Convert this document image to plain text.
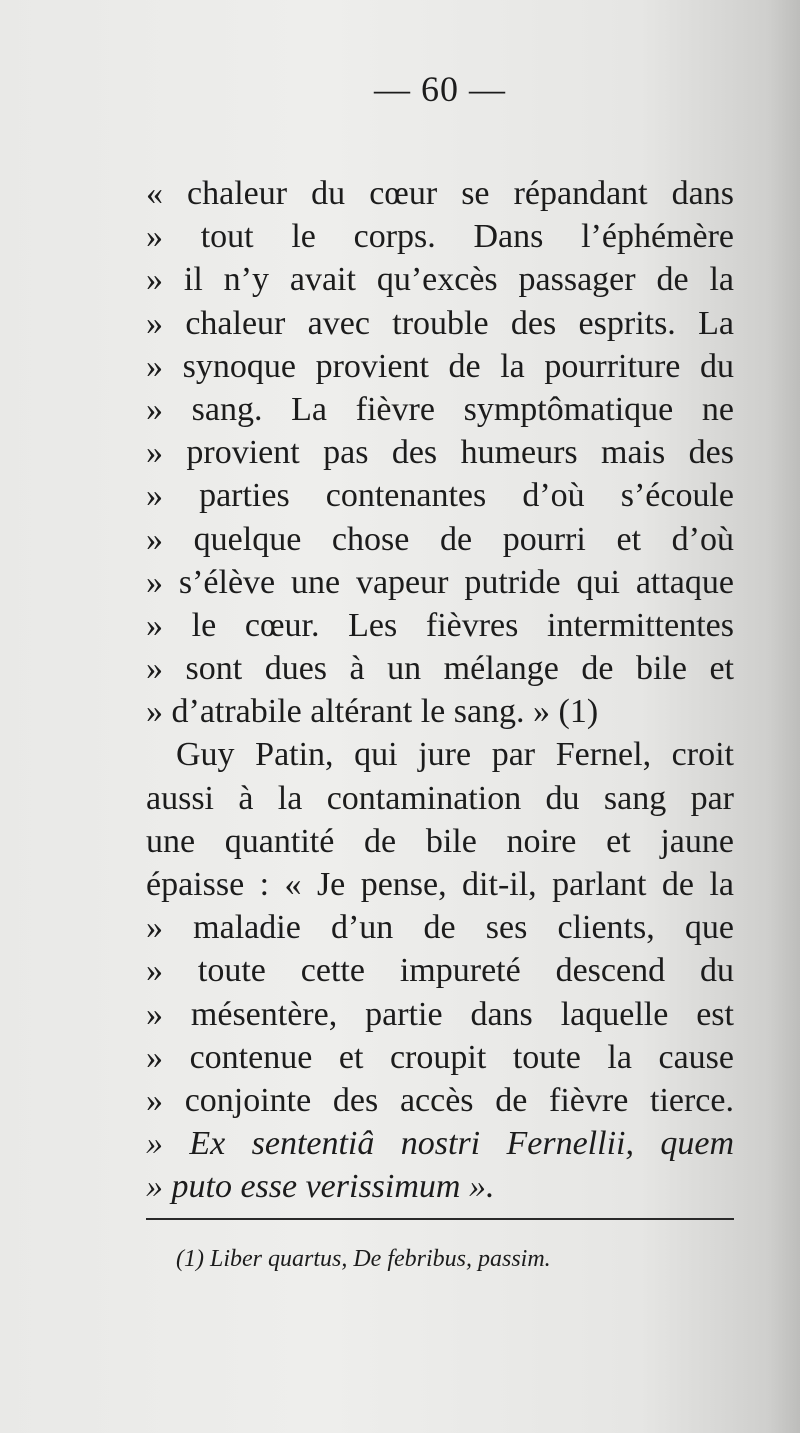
— 60 —
« chaleur du cœur se répandant dans
» tout le corps. Dans l’éphémère
» il n’y avait qu’excès passager de la
» chaleur avec trouble des esprits. La
» synoque provient de la pourriture du
» sang. La fièvre symptômatique ne
» provient pas des humeurs mais des
» parties contenantes d’où s’écoule
» quelque chose de pourri et d’où
» s’élève une vapeur putride qui attaque
» le cœur. Les fièvres intermittentes
» sont dues à un mélange de bile et
» d’atrabile altérant le sang. » (1)
Guy Patin, qui jure par Fernel, croit
aussi à la contamination du sang par
une quantité de bile noire et jaune
épaisse : « Je pense, dit-il, parlant de la
» maladie d’un de ses clients, que
» toute cette impureté descend du
» mésentère, partie dans laquelle est
» contenue et croupit toute la cause
» conjointe des accès de fièvre tierce.
» Ex sententiâ nostri Fernellii, quem
» puto esse verissimum ».
(1) Liber quartus, De febribus, passim.
